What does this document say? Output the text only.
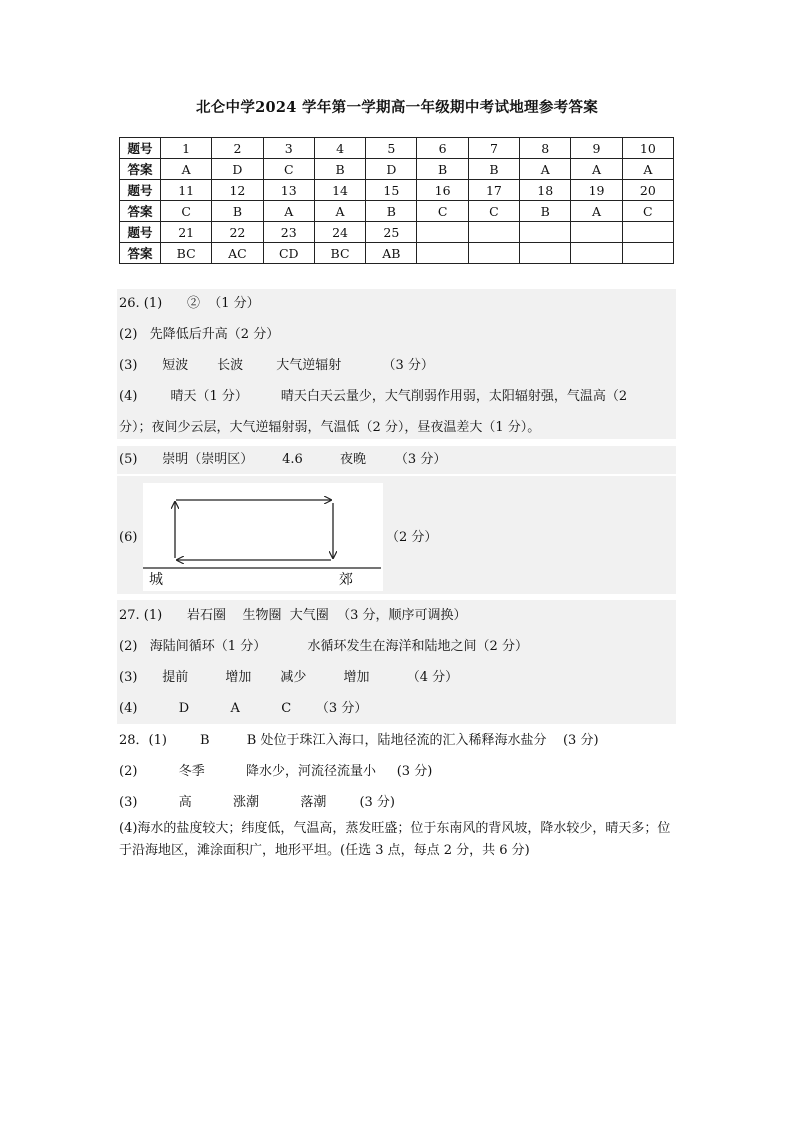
北仑中学2024 学年第一学期高一年级期中考试地理参考答案
题号	1	2	3	4	5	6	7	8	9	10
答案	A	D	C	B	D	B	B	A	A	A
题号	11	12	13	14	15	16	17	18	19	20
答案	C	B	A	A	B	C	C	B	A	C
题号	21	22	23	24	25					
答案	BC	AC	CD	BC	AB					
26. (1)      ②  （1 分）
(2)   先降低后升高（2 分）
(3)      短波       长波        大气逆辐射          （3 分）
(4)        晴天（1 分）        晴天白天云量少，大气削弱作用弱，太阳辐射强，气温高（2
分）；夜间少云层，大气逆辐射弱，气温低（2 分），昼夜温差大（1 分）。
(5)      崇明（崇明区）       4.6         夜晚       （3 分）
(6)
城	郊
（2 分）
27. (1)      岩石圈    生物圈  大气圈  （3 分，顺序可调换）
(2)   海陆间循环（1 分）          水循环发生在海洋和陆地之间（2 分）
(3)      提前         增加       减少         增加         （4 分）
(4)          D          A          C      （3 分）
28．(1)        B         B 处位于珠江入海口，陆地径流的汇入稀释海水盐分    (3 分)
(2)          冬季          降水少，河流径流量小     (3 分)
(3)          高          涨潮          落潮        (3 分)
(4)海水的盐度较大；纬度低，气温高，蒸发旺盛；位于东南风的背风坡，降水较少，晴天多；位于沿海地区，滩涂面积广，地形平坦。(任选 3 点，每点 2 分，共 6 分)
